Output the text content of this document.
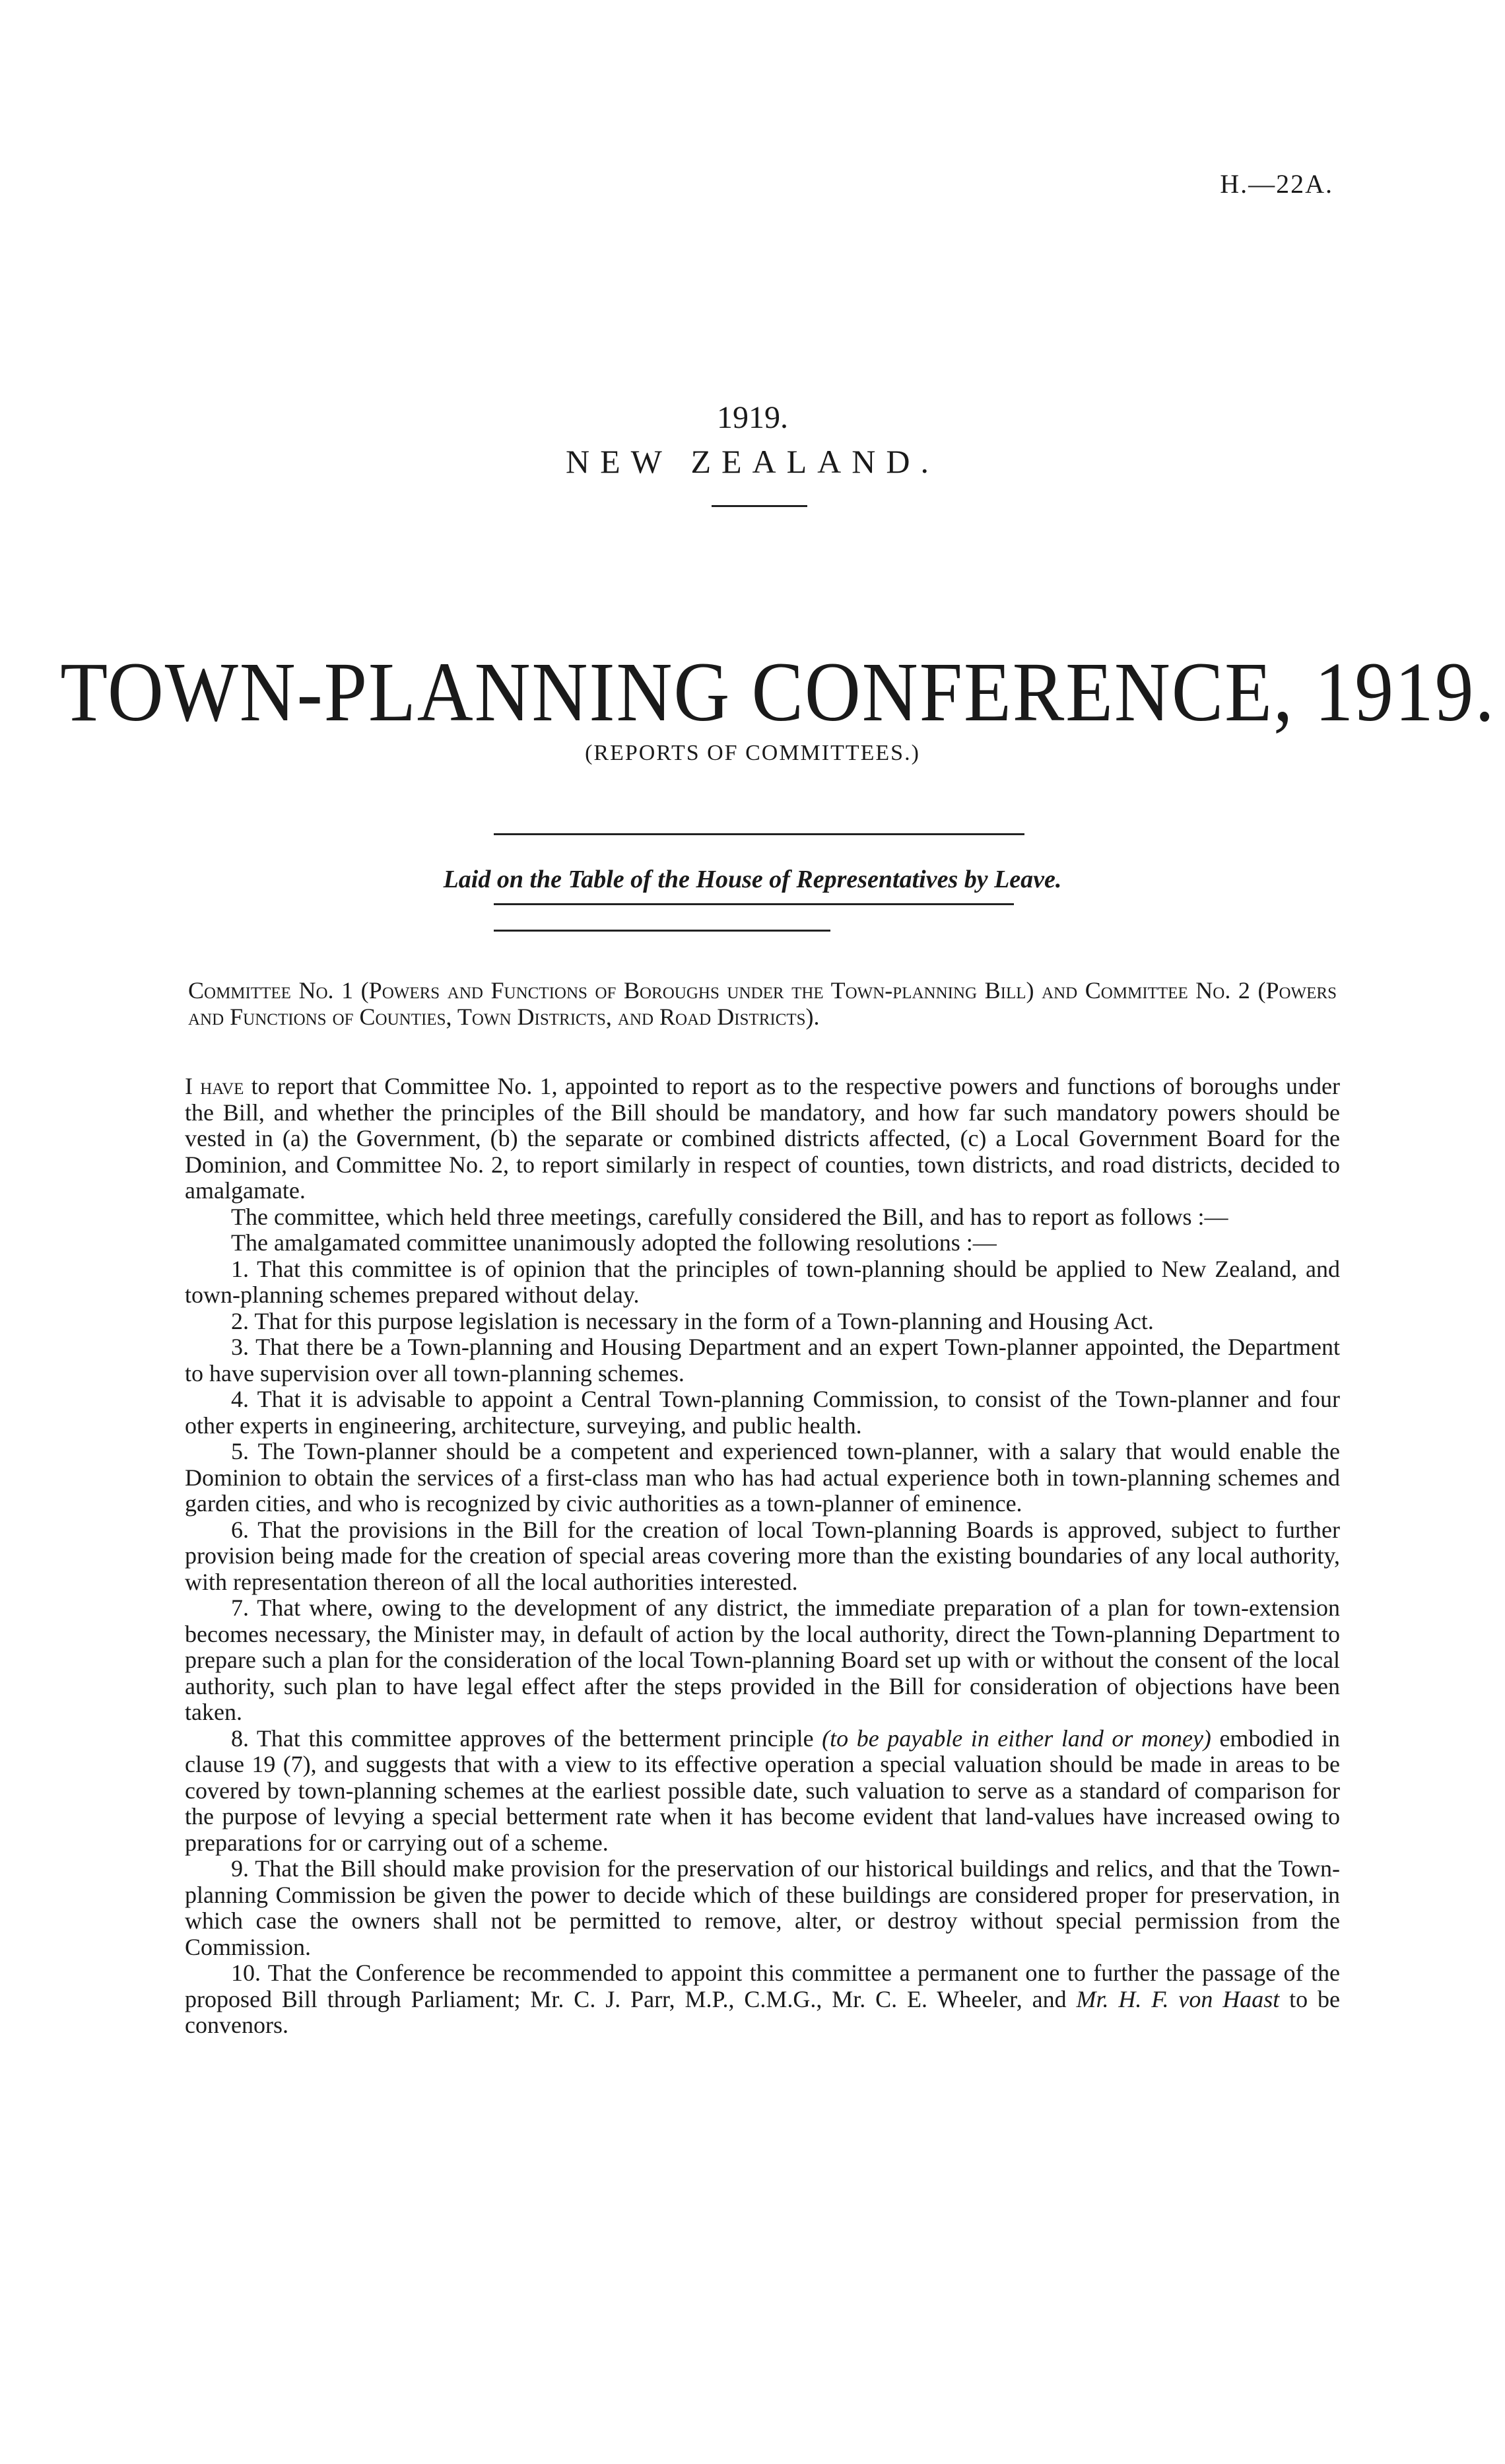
H.—22A.
1919.
NEW ZEALAND.
TOWN-PLANNING CONFERENCE, 1919.
(REPORTS OF COMMITTEES.)
Laid on the Table of the House of Representatives by Leave.
Committee No. 1 (Powers and Functions of Boroughs under the Town-planning Bill) and Committee No. 2 (Powers and Functions of Counties, Town Districts, and Road Districts).

I have to report that Committee No. 1, appointed to report as to the respective powers and functions of boroughs under the Bill, and whether the principles of the Bill should be mandatory, and how far such mandatory powers should be vested in (a) the Government, (b) the separate or combined districts affected, (c) a Local Government Board for the Dominion, and Committee No. 2, to report similarly in respect of counties, town districts, and road districts, decided to amalgamate.

The committee, which held three meetings, carefully considered the Bill, and has to report as follows :—

The amalgamated committee unanimously adopted the following resolutions :—

1. That this committee is of opinion that the principles of town-planning should be applied to New Zealand, and town-planning schemes prepared without delay.

2. That for this purpose legislation is necessary in the form of a Town-planning and Housing Act.

3. That there be a Town-planning and Housing Department and an expert Town-planner appointed, the Department to have supervision over all town-planning schemes.

4. That it is advisable to appoint a Central Town-planning Commission, to consist of the Town-planner and four other experts in engineering, architecture, surveying, and public health.

5. The Town-planner should be a competent and experienced town-planner, with a salary that would enable the Dominion to obtain the services of a first-class man who has had actual experience both in town-planning schemes and garden cities, and who is recognized by civic authorities as a town-planner of eminence.

6. That the provisions in the Bill for the creation of local Town-planning Boards is approved, subject to further provision being made for the creation of special areas covering more than the existing boundaries of any local authority, with representation thereon of all the local authorities interested.

7. That where, owing to the development of any district, the immediate preparation of a plan for town-extension becomes necessary, the Minister may, in default of action by the local authority, direct the Town-planning Department to prepare such a plan for the consideration of the local Town-planning Board set up with or without the consent of the local authority, such plan to have legal effect after the steps provided in the Bill for consideration of objections have been taken.

8. That this committee approves of the betterment principle (to be payable in either land or money) embodied in clause 19 (7), and suggests that with a view to its effective operation a special valuation should be made in areas to be covered by town-planning schemes at the earliest possible date, such valuation to serve as a standard of comparison for the purpose of levying a special betterment rate when it has become evident that land-values have increased owing to preparations for or carrying out of a scheme.

9. That the Bill should make provision for the preservation of our historical buildings and relics, and that the Town-planning Commission be given the power to decide which of these buildings are considered proper for preservation, in which case the owners shall not be permitted to remove, alter, or destroy without special permission from the Commission.

10. That the Conference be recommended to appoint this committee a permanent one to further the passage of the proposed Bill through Parliament; Mr. C. J. Parr, M.P., C.M.G., Mr. C. E. Wheeler, and Mr. H. F. von Haast to be convenors.
